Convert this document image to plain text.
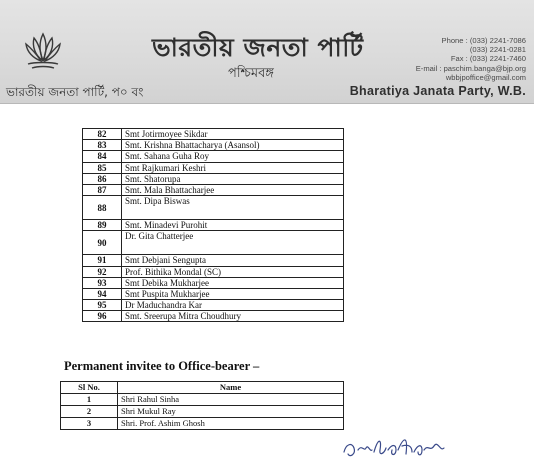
ভারতীয় জনতা পার্টি
পশ্চিমবঙ্গ
ভারতীয় জনতা পার্টি, প০ বং	Bharatiya Janata Party, W.B.
Phone : (033) 2241-7086
(033) 2241-0281
Fax : (033) 2241-7460
E-mail : paschim.banga@bjp.org
wbbjpoffice@gmail.com
82	Smt Jotirmoyee Sikdar
83	Smt. Krishna Bhattacharya (Asansol)
84	Smt. Sahana Guha Roy
85	Smt Rajkumari Keshri
86	Smt. Shatorupa
87	Smt. Mala Bhattacharjee
88	Smt. Dipa Biswas
89	Smt. Minadevi Purohit
90	Dr. Gita Chatterjee
91	Smt Debjani Sengupta
92	Prof. Bithika Mondal (SC)
93	Smt Debika Mukharjee
94	Smt Puspita Mukharjee
95	Dr Maduchandra Kar
96	Smt. Sreerupa Mitra Choudhury
Permanent invitee to Office-bearer –
Sl No.	Name
1	Shri Rahul Sinha
2	Shri Mukul Ray
3	Shri. Prof. Ashim Ghosh
